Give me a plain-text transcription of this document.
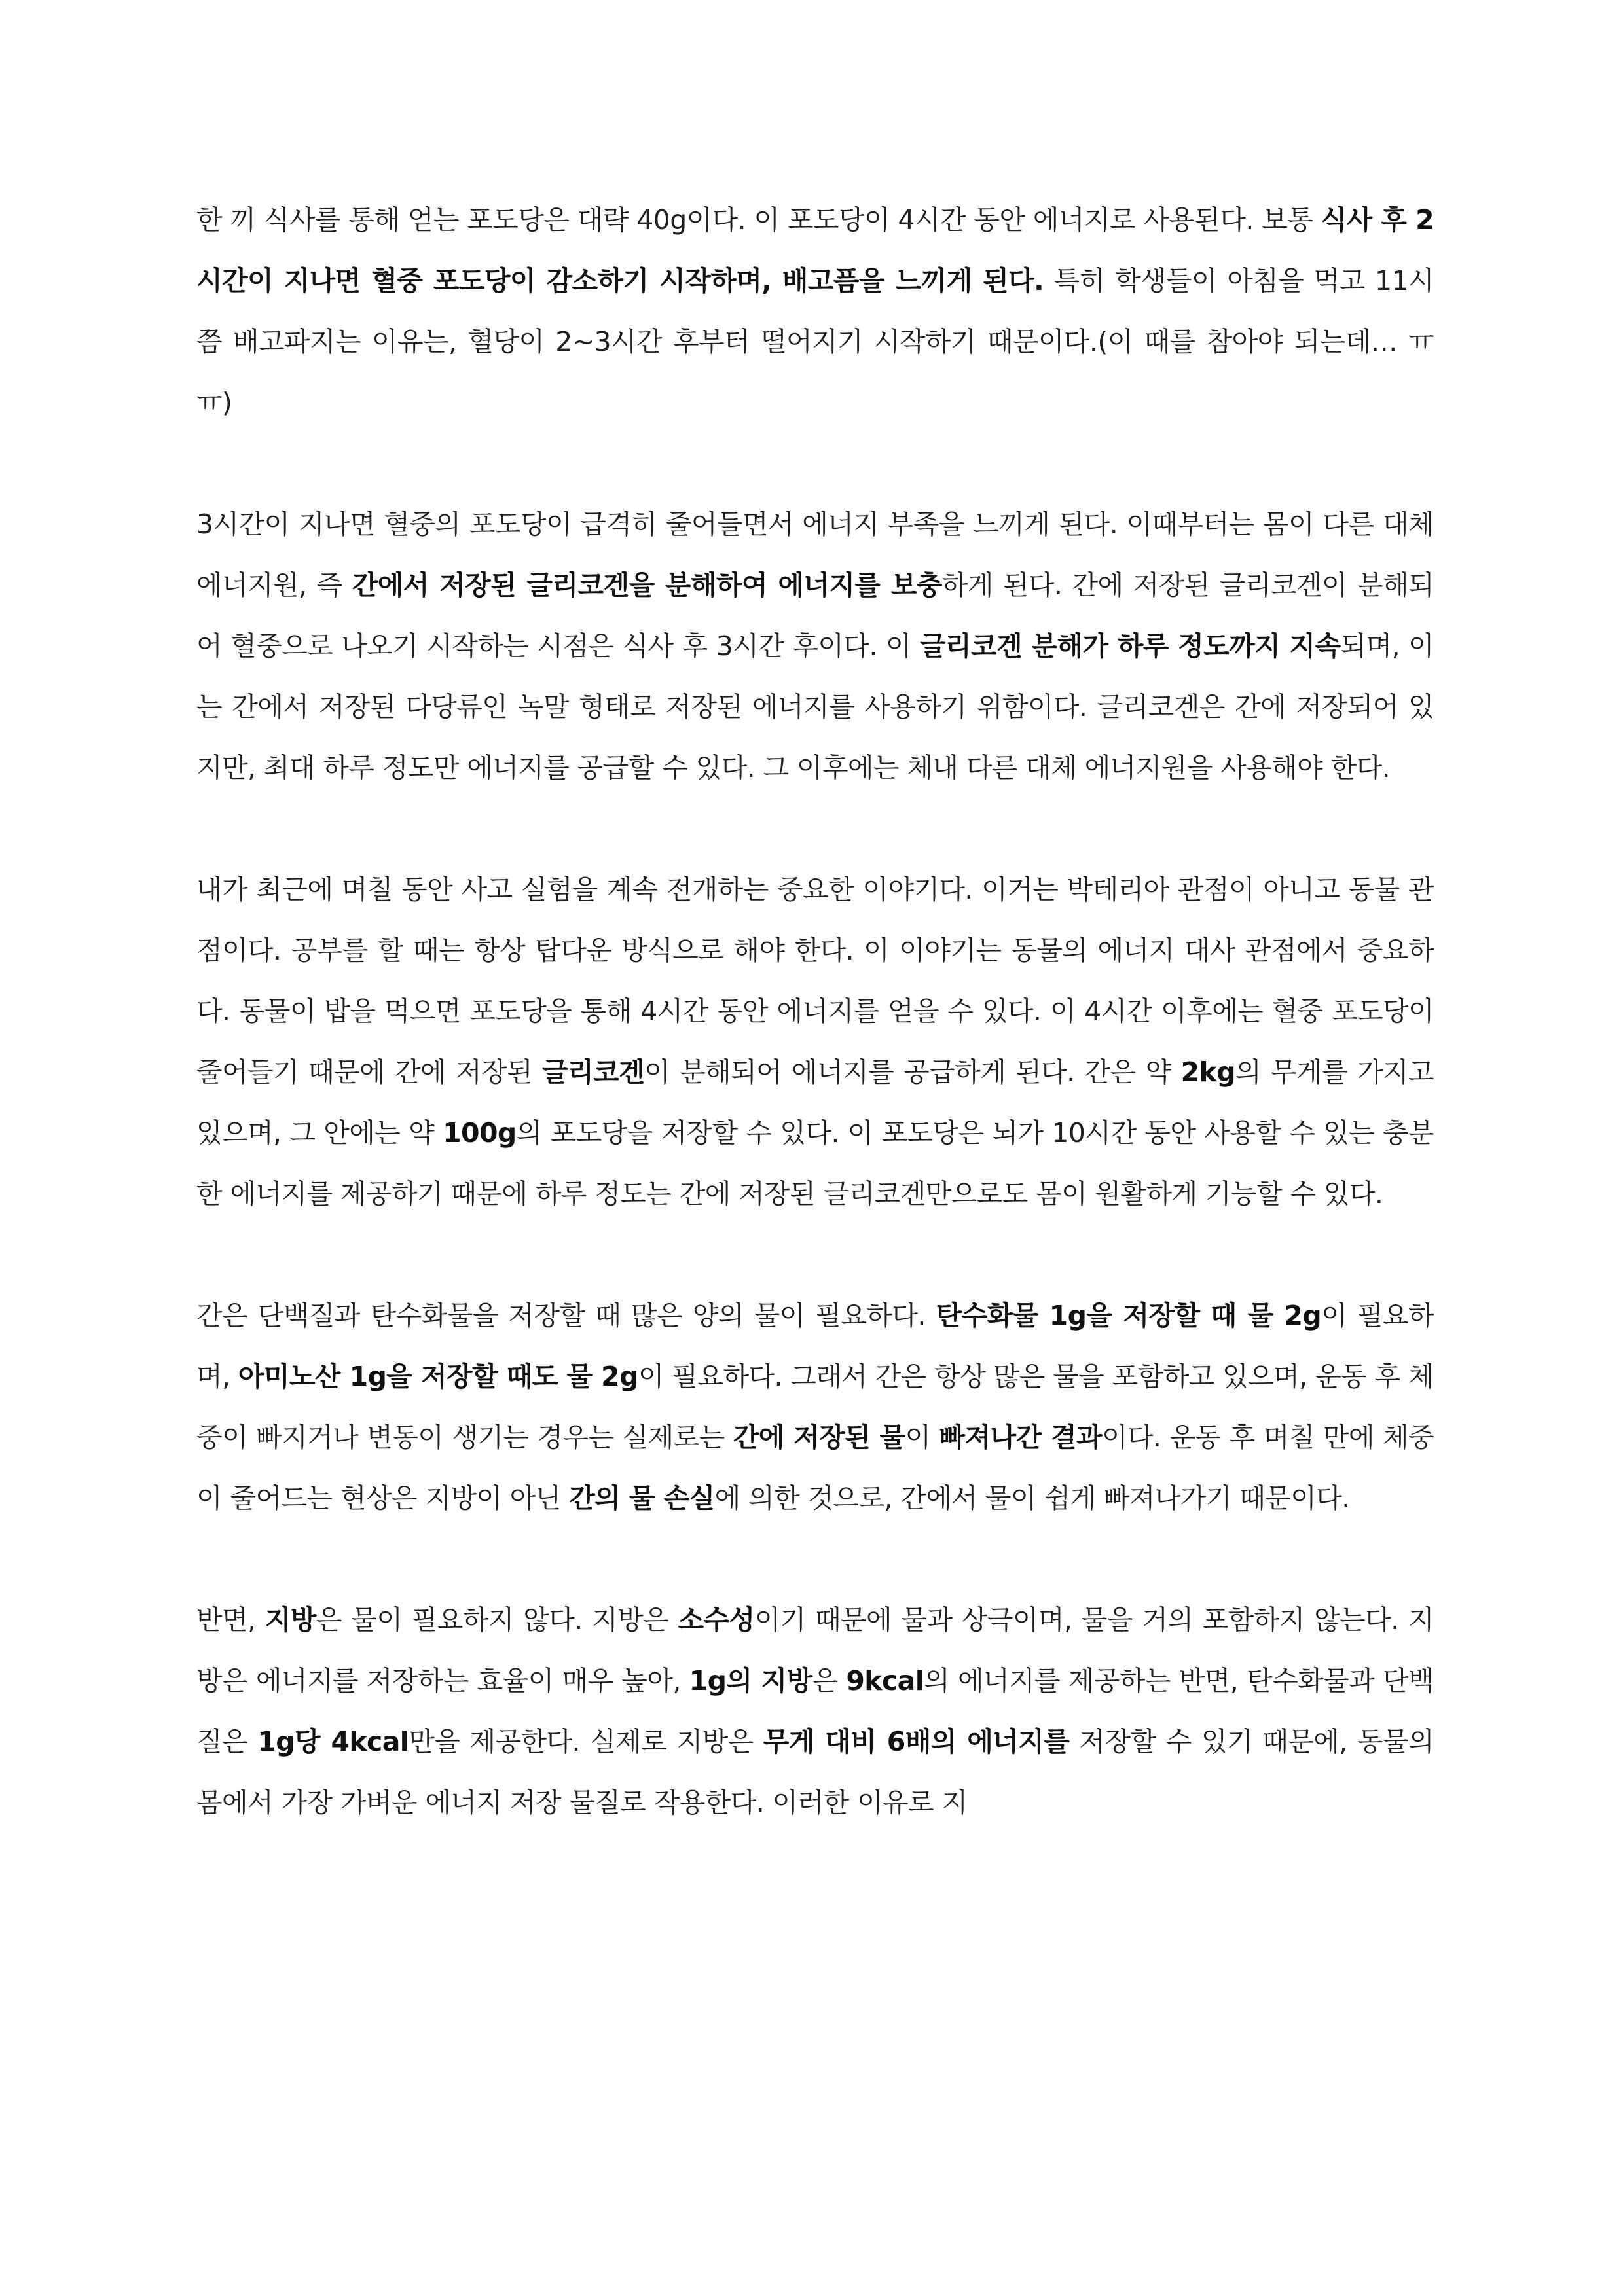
한 끼 식사를 통해 얻는 포도당은 대략 40g이다. 이 포도당이 4시간 동안 에너지로 사용된다. 보통 식사 후 2시간이 지나면 혈중 포도당이 감소하기 시작하며, 배고픔을 느끼게 된다. 특히 학생들이 아침을 먹고 11시쯤 배고파지는 이유는, 혈당이 2~3시간 후부터 떨어지기 시작하기 때문이다.(이 때를 참아야 되는데… ㅠㅠ)

3시간이 지나면 혈중의 포도당이 급격히 줄어들면서 에너지 부족을 느끼게 된다. 이때부터는 몸이 다른 대체 에너지원, 즉 간에서 저장된 글리코겐을 분해하여 에너지를 보충하게 된다. 간에 저장된 글리코겐이 분해되어 혈중으로 나오기 시작하는 시점은 식사 후 3시간 후이다. 이 글리코겐 분해가 하루 정도까지 지속되며, 이는 간에서 저장된 다당류인 녹말 형태로 저장된 에너지를 사용하기 위함이다. 글리코겐은 간에 저장되어 있지만, 최대 하루 정도만 에너지를 공급할 수 있다. 그 이후에는 체내 다른 대체 에너지원을 사용해야 한다.

내가 최근에 며칠 동안 사고 실험을 계속 전개하는 중요한 이야기다. 이거는 박테리아 관점이 아니고 동물 관점이다. 공부를 할 때는 항상 탑다운 방식으로 해야 한다. 이 이야기는 동물의 에너지 대사 관점에서 중요하다. 동물이 밥을 먹으면 포도당을 통해 4시간 동안 에너지를 얻을 수 있다. 이 4시간 이후에는 혈중 포도당이 줄어들기 때문에 간에 저장된 글리코겐이 분해되어 에너지를 공급하게 된다. 간은 약 2kg의 무게를 가지고 있으며, 그 안에는 약 100g의 포도당을 저장할 수 있다. 이 포도당은 뇌가 10시간 동안 사용할 수 있는 충분한 에너지를 제공하기 때문에 하루 정도는 간에 저장된 글리코겐만으로도 몸이 원활하게 기능할 수 있다.

간은 단백질과 탄수화물을 저장할 때 많은 양의 물이 필요하다. 탄수화물 1g을 저장할 때 물 2g이 필요하며, 아미노산 1g을 저장할 때도 물 2g이 필요하다. 그래서 간은 항상 많은 물을 포함하고 있으며, 운동 후 체중이 빠지거나 변동이 생기는 경우는 실제로는 간에 저장된 물이 빠져나간 결과이다. 운동 후 며칠 만에 체중이 줄어드는 현상은 지방이 아닌 간의 물 손실에 의한 것으로, 간에서 물이 쉽게 빠져나가기 때문이다.

반면, 지방은 물이 필요하지 않다. 지방은 소수성이기 때문에 물과 상극이며, 물을 거의 포함하지 않는다. 지방은 에너지를 저장하는 효율이 매우 높아, 1g의 지방은 9kcal의 에너지를 제공하는 반면, 탄수화물과 단백질은 1g당 4kcal만을 제공한다. 실제로 지방은 무게 대비 6배의 에너지를 저장할 수 있기 때문에, 동물의 몸에서 가장 가벼운 에너지 저장 물질로 작용한다. 이러한 이유로 지
